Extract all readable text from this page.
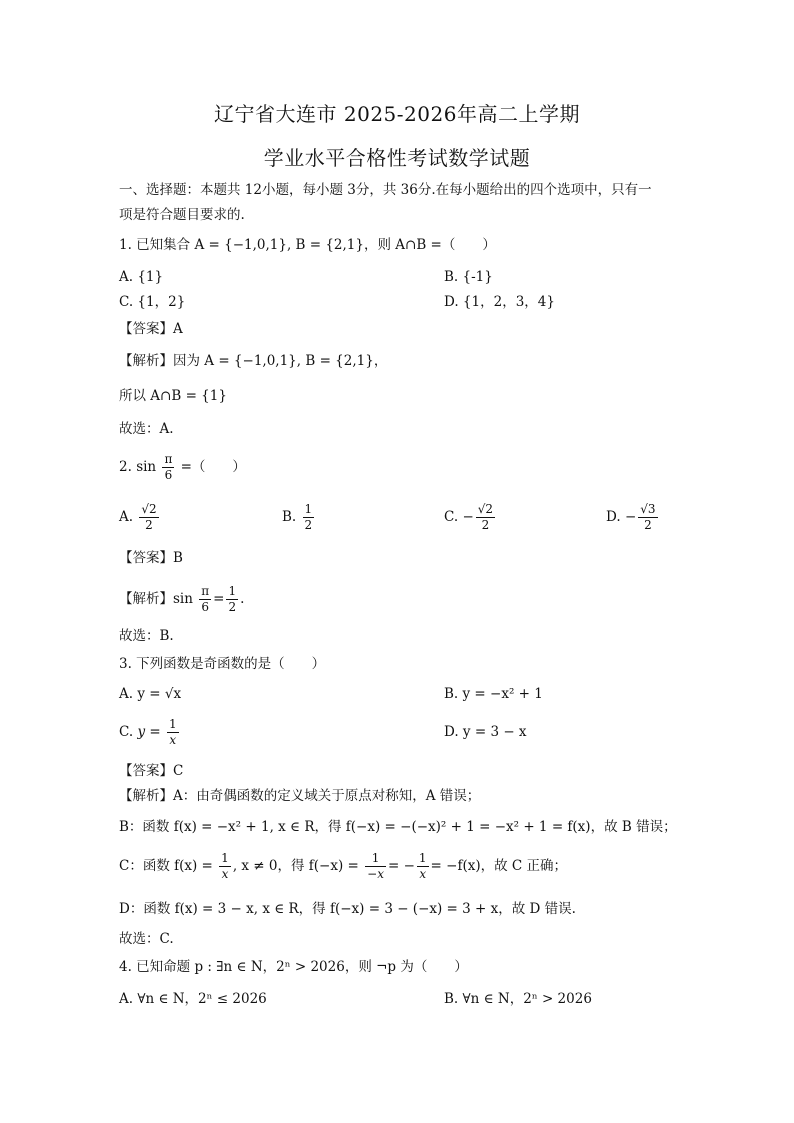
辽宁省大连市 2025-2026年高二上学期
学业水平合格性考试数学试题
一、选择题：本题共 12小题，每小题 3分，共 36分.在每小题给出的四个选项中，只有一
项是符合题目要求的.
1. 已知集合 A = {−1,0,1}, B = {2,1}，则 A∩B =（　　）
A. {1}	B. {-1}
C. {1，2}	D. {1，2，3，4}
【答案】A
【解析】因为 A = {−1,0,1}, B = {2,1}，
所以 A∩B = {1}
故选：A.
2. $\sin \frac{\pi}{6}$ =（　　）
A. $\frac{√2}{2}$	B. $\frac{1}{2}$	C. − $\frac{√2}{2}$	D. − $\frac{√3}{2}$
【答案】B
【解析】$\sin \frac{\pi}{6} = \frac{1}{2}$ .
故选：B.
3. 下列函数是奇函数的是（　　）
A. y = √x	B. y = −x² + 1
C. $y = \frac{1}{x}$	D. y = 3 − x
【答案】C
【解析】A：由奇偶函数的定义域关于原点对称知，A 错误；
B：函数 f(x) = −x² + 1, x ∈ R，得 f(−x) = −(−x)² + 1 = −x² + 1 = f(x)，故 B 错误；
C：函数 $f(x) = \frac{1}{x}$ , x ≠ 0，得 $f(-x) = \frac{1}{-x}$ = − $\frac{1}{x} = -f(x)$，故 C 正确；
D：函数 f(x) = 3 − x, x ∈ R，得 f(−x) = 3 − (−x) = 3 + x，故 D 错误.
故选：C.
4. 已知命题 p : ∃n ∈ N，2ⁿ > 2026，则 ¬p 为（　　）
A. ∀n ∈ N，2ⁿ ≤ 2026	B. ∀n ∈ N，2ⁿ > 2026
